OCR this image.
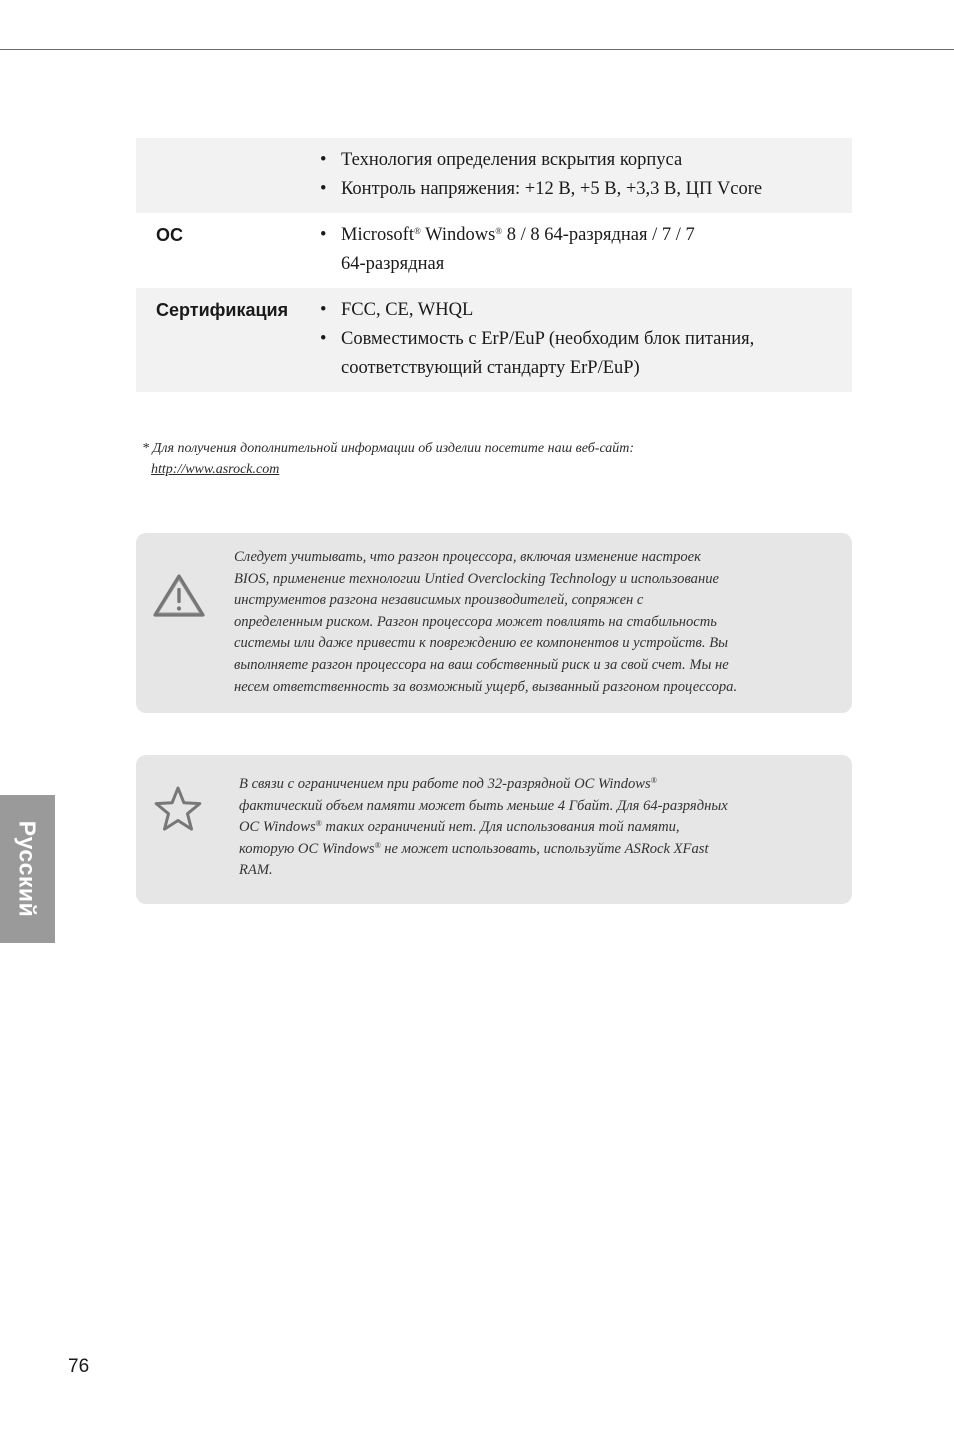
• Технология определения вскрытия корпуса
• Контроль напряжения: +12 В, +5 В, +3,3 В, ЦП Vcore
ОС	• Microsoft® Windows® 8 / 8 64-разрядная / 7 / 7
64-разрядная
Сертификация	• FCC, CE, WHQL
• Совместимость с ErP/EuP (необходим блок питания,
соответствующий стандарту ErP/EuP)
* Для получения дополнительной информации об изделии посетите наш веб-сайт:
http://www.asrock.com
Следует учитывать, что разгон процессора, включая изменение настроек
BIOS, применение технологии Untied Overclocking Technology и использование
инструментов разгона независимых производителей, сопряжен с
определенным риском. Разгон процессора может повлиять на стабильность
системы или даже привести к повреждению ее компонентов и устройств. Вы
выполняете разгон процессора на ваш собственный риск и за свой счет. Мы не
несем ответственность за возможный ущерб, вызванный разгоном процессора.
В связи с ограничением при работе под 32-разрядной ОС Windows®
фактический объем памяти может быть меньше 4 Гбайт. Для 64-разрядных
ОС Windows® таких ограничений нет. Для использования той памяти,
которую ОС Windows® не может использовать, используйте ASRock XFast
RAM.
Русский
76
